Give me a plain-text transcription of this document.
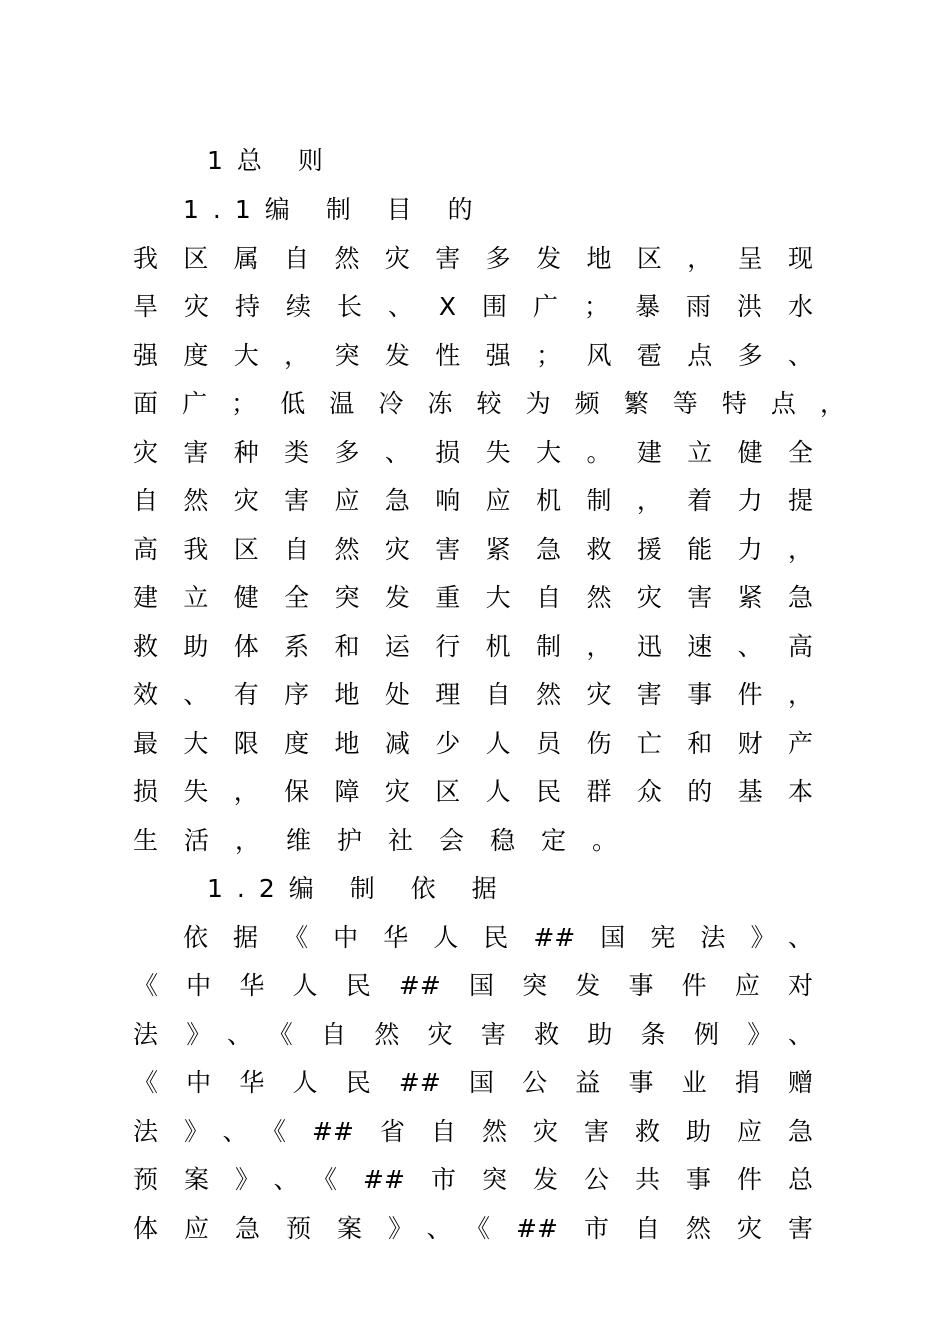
1总 则
1.1编 制 目 的
我区属自然灾害多发地区，呈现
旱灾持续长、X围广；暴雨洪水
强度大，突发性强；风雹点多、
面广；低温冷冻较为频繁等特点，
灾害种类多、损失大。建立健全
自然灾害应急响应机制，着力提
高我区自然灾害紧急救援能力，
建立健全突发重大自然灾害紧急
救助体系和运行机制，迅速、高
效、有序地处理自然灾害事件，
最大限度地减少人员伤亡和财产
损失，保障灾区人民群众的基本
生活，维护社会稳定。
1.2编 制 依 据
依据《中华人民##国宪法》、
《中华人民##国突发事件应对
法》、《自然灾害救助条例》、
《中华人民##国公益事业捐赠
法》、《##省自然灾害救助应急
预案》、《##市突发公共事件总
体应急预案》、《##市自然灾害
